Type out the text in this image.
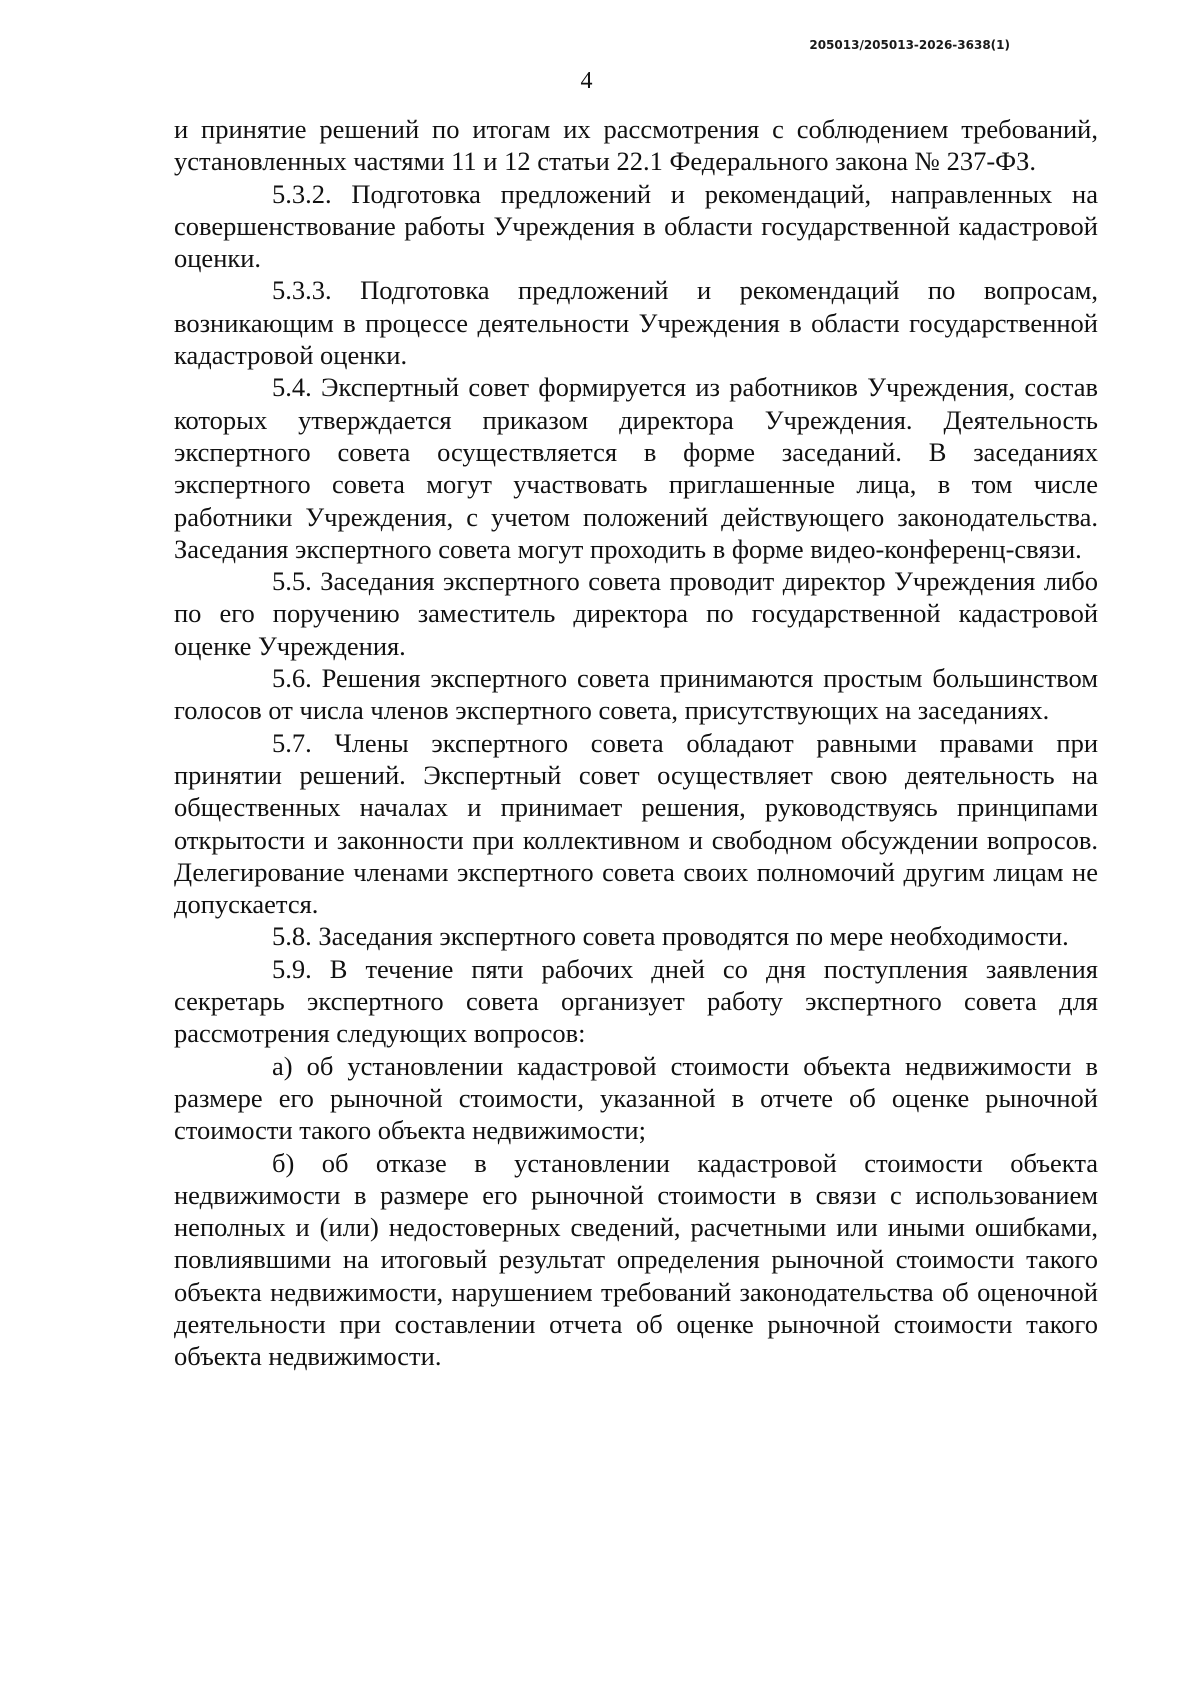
205013/205013-2026-3638(1)
4

и принятие решений по итогам их рассмотрения с соблюдением требований, установленных частями 11 и 12 статьи 22.1 Федерального закона № 237-ФЗ.

5.3.2. Подготовка предложений и рекомендаций, направленных на совершенствование работы Учреждения в области государственной кадастровой оценки.

5.3.3. Подготовка предложений и рекомендаций по вопросам, возникающим в процессе деятельности Учреждения в области государственной кадастровой оценки.

5.4. Экспертный совет формируется из работников Учреждения, состав которых утверждается приказом директора Учреждения. Деятельность экспертного совета осуществляется в форме заседаний. В заседаниях экспертного совета могут участвовать приглашенные лица, в том числе работники Учреждения, с учетом положений действующего законодательства. Заседания экспертного совета могут проходить в форме видео-конференц-связи.

5.5. Заседания экспертного совета проводит директор Учреждения либо по его поручению заместитель директора по государственной кадастровой оценке Учреждения.

5.6. Решения экспертного совета принимаются простым большинством голосов от числа членов экспертного совета, присутствующих на заседаниях.

5.7. Члены экспертного совета обладают равными правами при принятии решений. Экспертный совет осуществляет свою деятельность на общественных началах и принимает решения, руководствуясь принципами открытости и законности при коллективном и свободном обсуждении вопросов. Делегирование членами экспертного совета своих полномочий другим лицам не допускается.

5.8. Заседания экспертного совета проводятся по мере необходимости.

5.9. В течение пяти рабочих дней со дня поступления заявления секретарь экспертного совета организует работу экспертного совета для рассмотрения следующих вопросов:

а) об установлении кадастровой стоимости объекта недвижимости в размере его рыночной стоимости, указанной в отчете об оценке рыночной стоимости такого объекта недвижимости;

б) об отказе в установлении кадастровой стоимости объекта недвижимости в размере его рыночной стоимости в связи с использованием неполных и (или) недостоверных сведений, расчетными или иными ошибками, повлиявшими на итоговый результат определения рыночной стоимости такого объекта недвижимости, нарушением требований законодательства об оценочной деятельности при составлении отчета об оценке рыночной стоимости такого объекта недвижимости.
